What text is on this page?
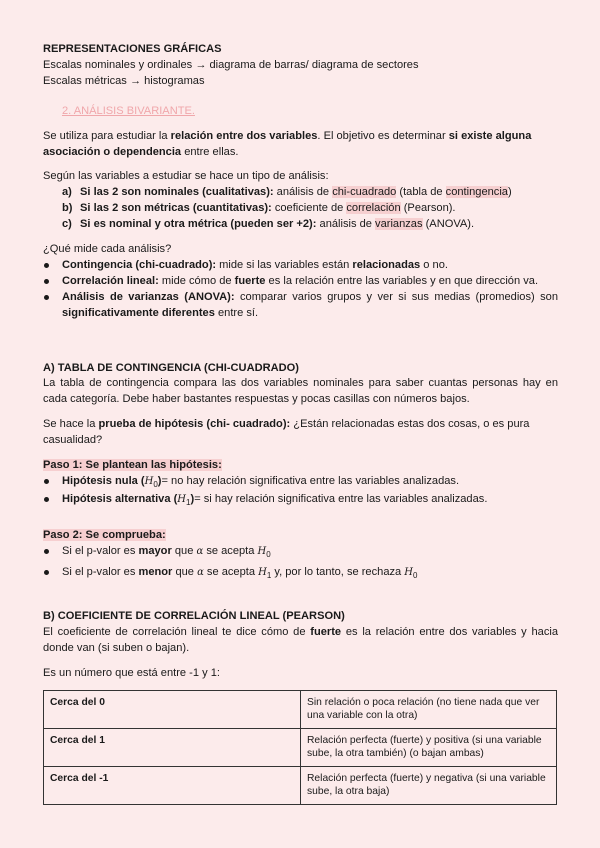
REPRESENTACIONES GRÁFICAS
Escalas nominales y ordinales → diagrama de barras/ diagrama de sectores
Escalas métricas → histogramas
2. ANÁLISIS BIVARIANTE.
Se utiliza para estudiar la relación entre dos variables. El objetivo es determinar si existe alguna asociación o dependencia entre ellas.
Según las variables a estudiar se hace un tipo de análisis:
a) Si las 2 son nominales (cualitativas): análisis de chi-cuadrado (tabla de contingencia)
b) Si las 2 son métricas (cuantitativas): coeficiente de correlación (Pearson).
c) Si es nominal y otra métrica (pueden ser +2): análisis de varianzas (ANOVA).
¿Qué mide cada análisis?
Contingencia (chi-cuadrado): mide si las variables están relacionadas o no.
Correlación lineal: mide cómo de fuerte es la relación entre las variables y en que dirección va.
Análisis de varianzas (ANOVA): comparar varios grupos y ver si sus medias (promedios) son significativamente diferentes entre sí.
A) TABLA DE CONTINGENCIA (CHI-CUADRADO)
La tabla de contingencia compara las dos variables nominales para saber cuantas personas hay en cada categoría. Debe haber bastantes respuestas y pocas casillas con números bajos.
Se hace la prueba de hipótesis (chi- cuadrado): ¿Están relacionadas estas dos cosas, o es pura casualidad?
Paso 1: Se plantean las hipótesis:
Hipótesis nula $(H_0)=$ no hay relación significativa entre las variables analizadas.
Hipótesis alternativa $(H_1)=$ si hay relación significativa entre las variables analizadas.
Paso 2: Se comprueba:
Si el p-valor es mayor que α se acepta $H_0$
Si el p-valor es menor que α se acepta $H_1$ y, por lo tanto, se rechaza $H_0$
B) COEFICIENTE DE CORRELACIÓN LINEAL (PEARSON)
El coeficiente de correlación lineal te dice cómo de fuerte es la relación entre dos variables y hacia donde van (si suben o bajan).
Es un número que está entre -1 y 1:
Cerca del 0	Sin relación o poca relación (no tiene nada que ver una variable con la otra)
Cerca del 1	Relación perfecta (fuerte) y positiva (si una variable sube, la otra también) (o bajan ambas)
Cerca del -1	Relación perfecta (fuerte) y negativa (si una variable sube, la otra baja)
